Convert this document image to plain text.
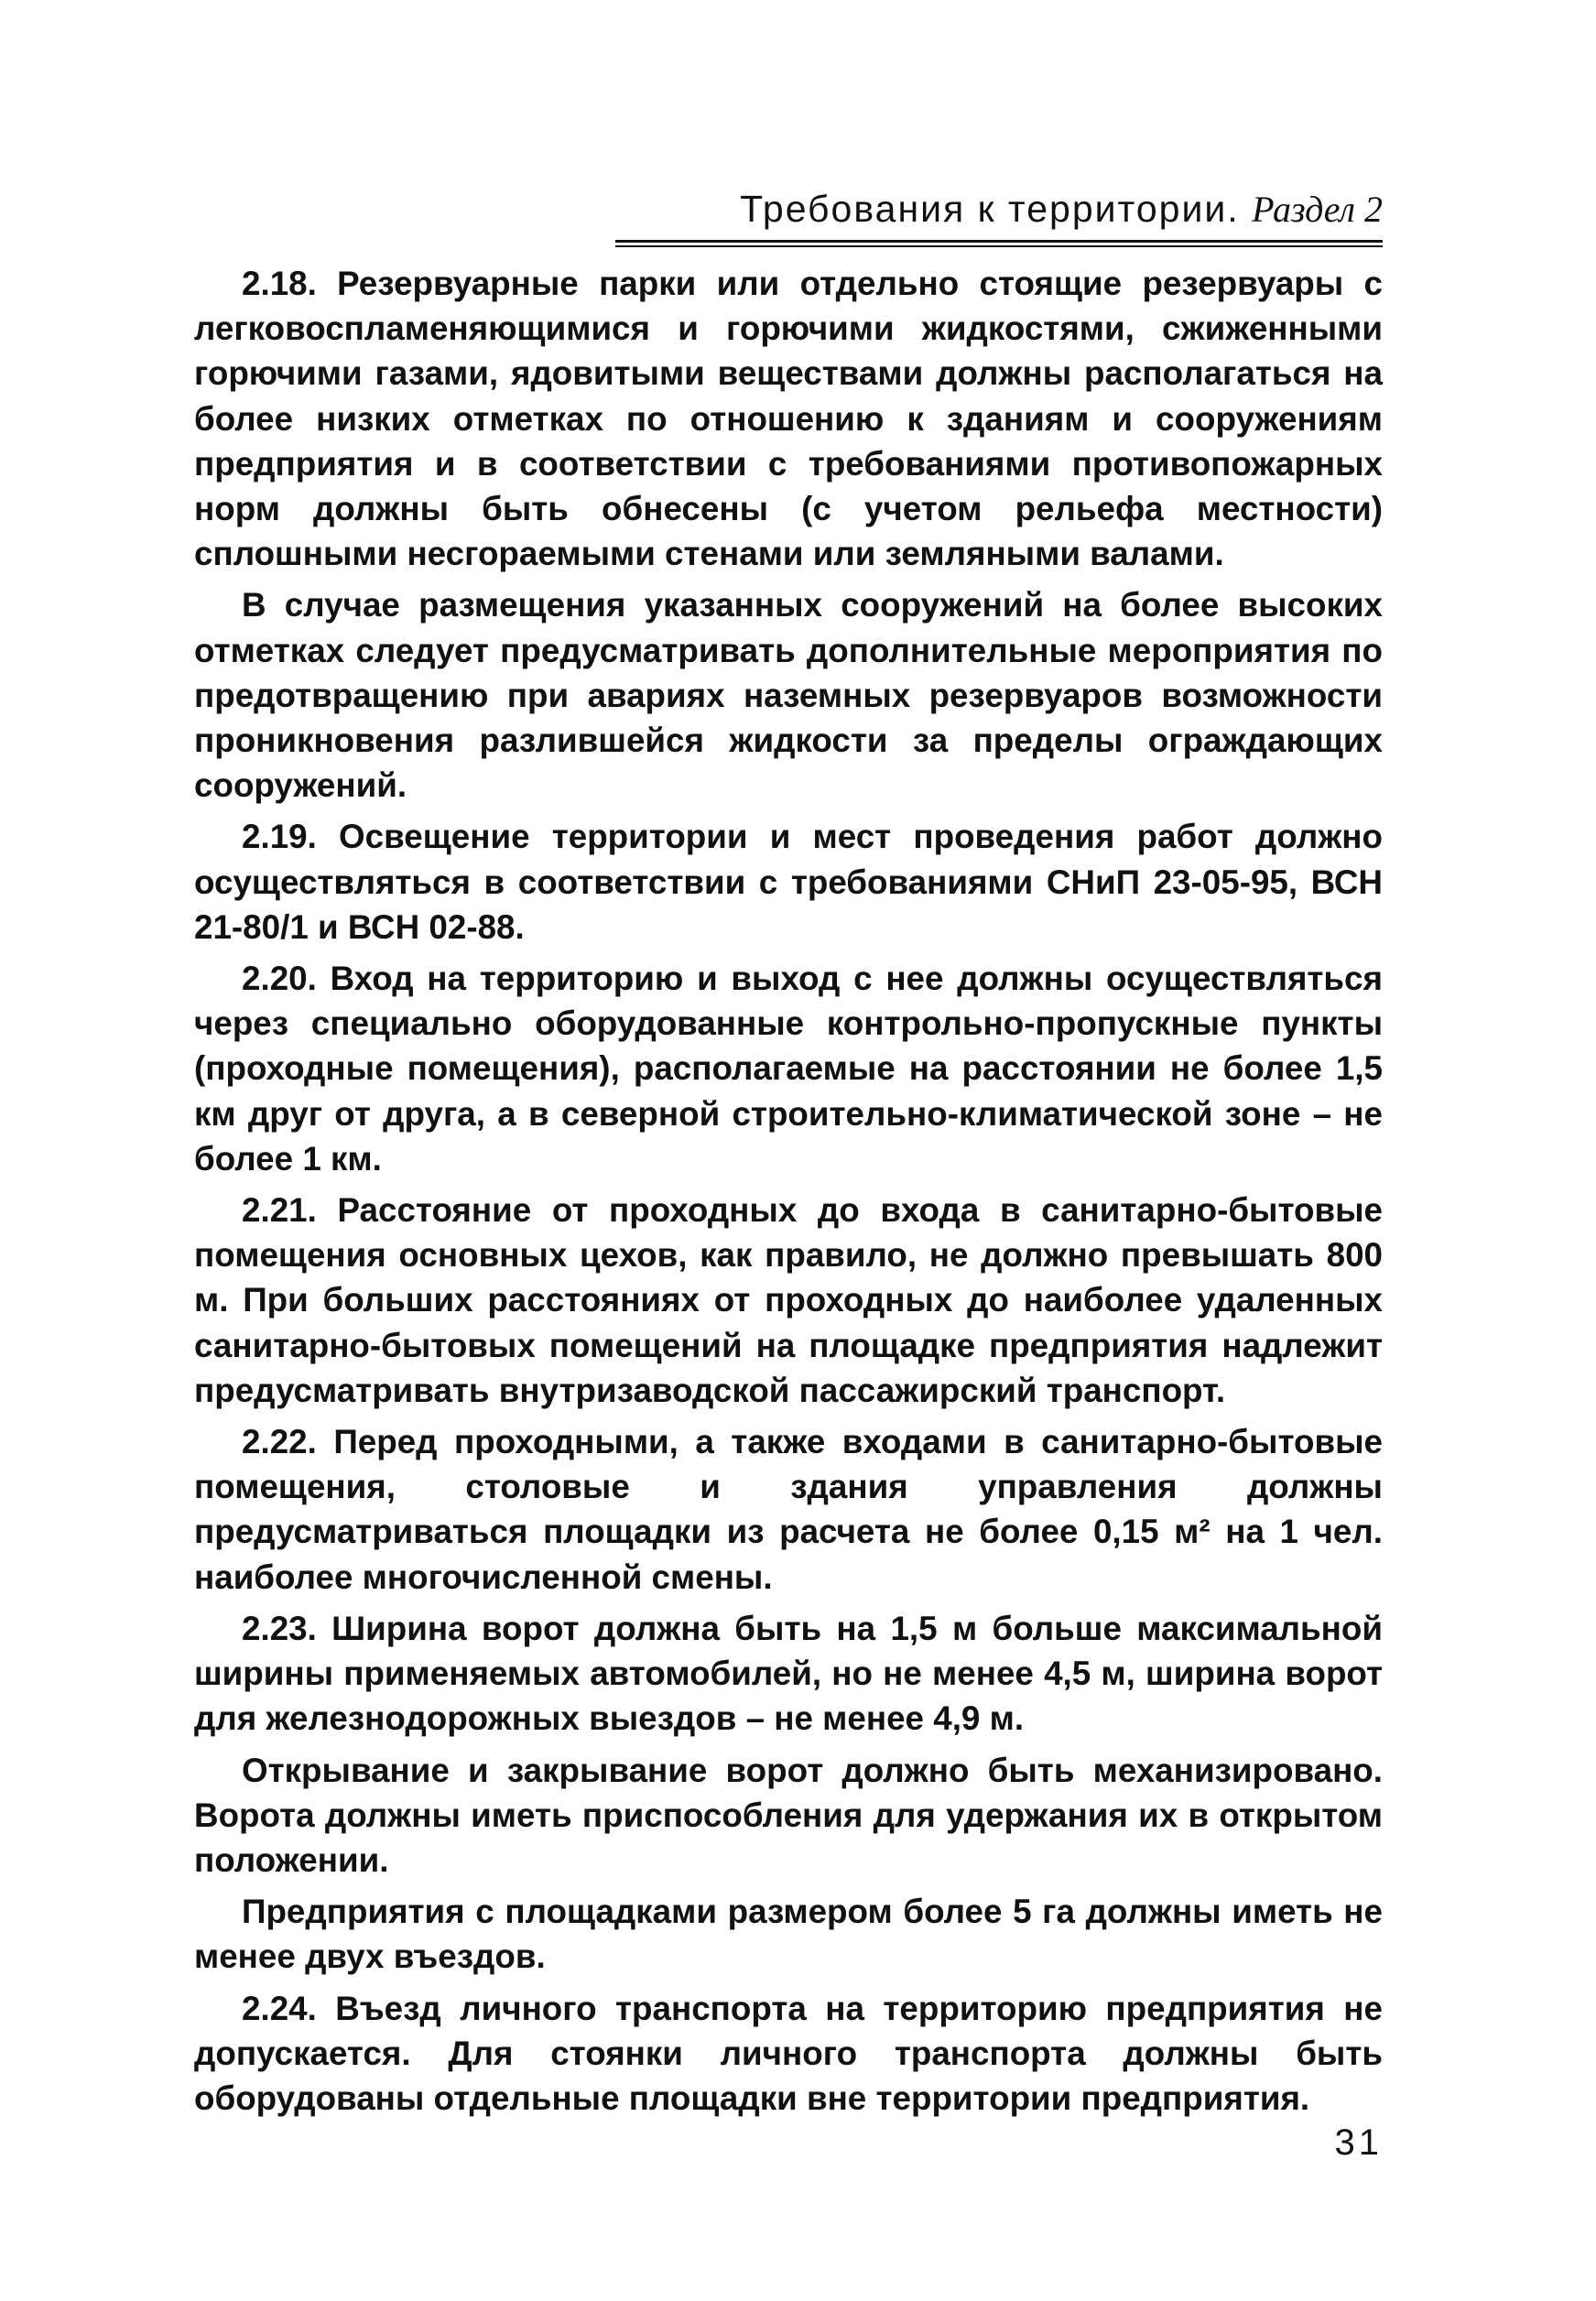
Требования к территории. Раздел 2

2.18. Резервуарные парки или отдельно стоящие резервуары с легковоспламеняющимися и горючими жидкостями, сжиженными горючими газами, ядовитыми веществами должны располагаться на более низких отметках по отношению к зданиям и сооружениям предприятия и в соответствии с требованиями противопожарных норм должны быть обнесены (с учетом рельефа местности) сплошными несгораемыми стенами или земляными валами.

В случае размещения указанных сооружений на более высоких отметках следует предусматривать дополнительные мероприятия по предотвращению при авариях наземных резервуаров возможности проникновения разлившейся жидкости за пределы ограждающих сооружений.

2.19. Освещение территории и мест проведения работ должно осуществляться в соответствии с требованиями СНиП 23-05-95, ВСН 21-80/1 и ВСН 02-88.

2.20. Вход на территорию и выход с нее должны осуществляться через специально оборудованные контрольно-пропускные пункты (проходные помещения), располагаемые на расстоянии не более 1,5 км друг от друга, а в северной строительно-климатической зоне – не более 1 км.

2.21. Расстояние от проходных до входа в санитарно-бытовые помещения основных цехов, как правило, не должно превышать 800 м. При больших расстояниях от проходных до наиболее удаленных санитарно-бытовых помещений на площадке предприятия надлежит предусматривать внутризаводской пассажирский транспорт.

2.22. Перед проходными, а также входами в санитарно-бытовые помещения, столовые и здания управления должны предусматриваться площадки из расчета не более 0,15 м² на 1 чел. наиболее многочисленной смены.

2.23. Ширина ворот должна быть на 1,5 м больше максимальной ширины применяемых автомобилей, но не менее 4,5 м, ширина ворот для железнодорожных выездов – не менее 4,9 м.

Открывание и закрывание ворот должно быть механизировано. Ворота должны иметь приспособления для удержания их в открытом положении.

Предприятия с площадками размером более 5 га должны иметь не менее двух въездов.

2.24. Въезд личного транспорта на территорию предприятия не допускается. Для стоянки личного транспорта должны быть оборудованы отдельные площадки вне территории предприятия.

31
